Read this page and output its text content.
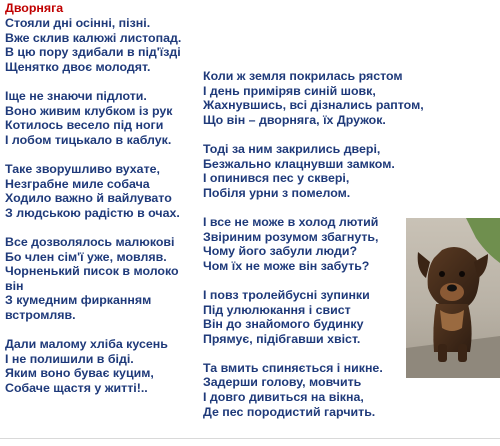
Дворняга
Стояли дні осінні, пізні.
Вже склив калюжі листопад.
В цю пору здибали в під'їзді
Щенятко двоє молодят.
Іще не знаючи підлоти.
Воно живим клубком із рук
Котилось весело під ноги
І лобом тицькало в каблук.
Таке зворушливо вухате,
Незграбне миле собача
Ходило важно й вайлувато
З людською радістю в очах.
Все дозволялось малюкові
Бо член сім'ї уже, мовляв.
Чорненький писок в молоко він
З кумедним фирканням встромляв.
Дали малому хліба кусень
І не полишили в біді.
Яким воно буває куцим,
Собаче щастя у житті!..
Коли ж земля покрилась рястом
І день приміряв синій шовк,
Жахнувшись, всі дізнались раптом,
Що він – дворняга, їх Дружок.
Тоді за ним закрились двері,
Безжально клацнувши замком.
І опинився пес у сквері,
Побіля урни з помелом.
І все не може в холод лютий
Звіриним розумом збагнуть,
Чому його забули люди?
Чом їх не може він забуть?
І повз тролейбусні зупинки
Під улюлюкання і свист
Він до знайомого будинку
Прямує, підібгавши хвіст.
Та вмить спиняється і никне.
Задерши голову, мовчить
І довго дивиться на вікна,
Де пес породистий гарчить.
